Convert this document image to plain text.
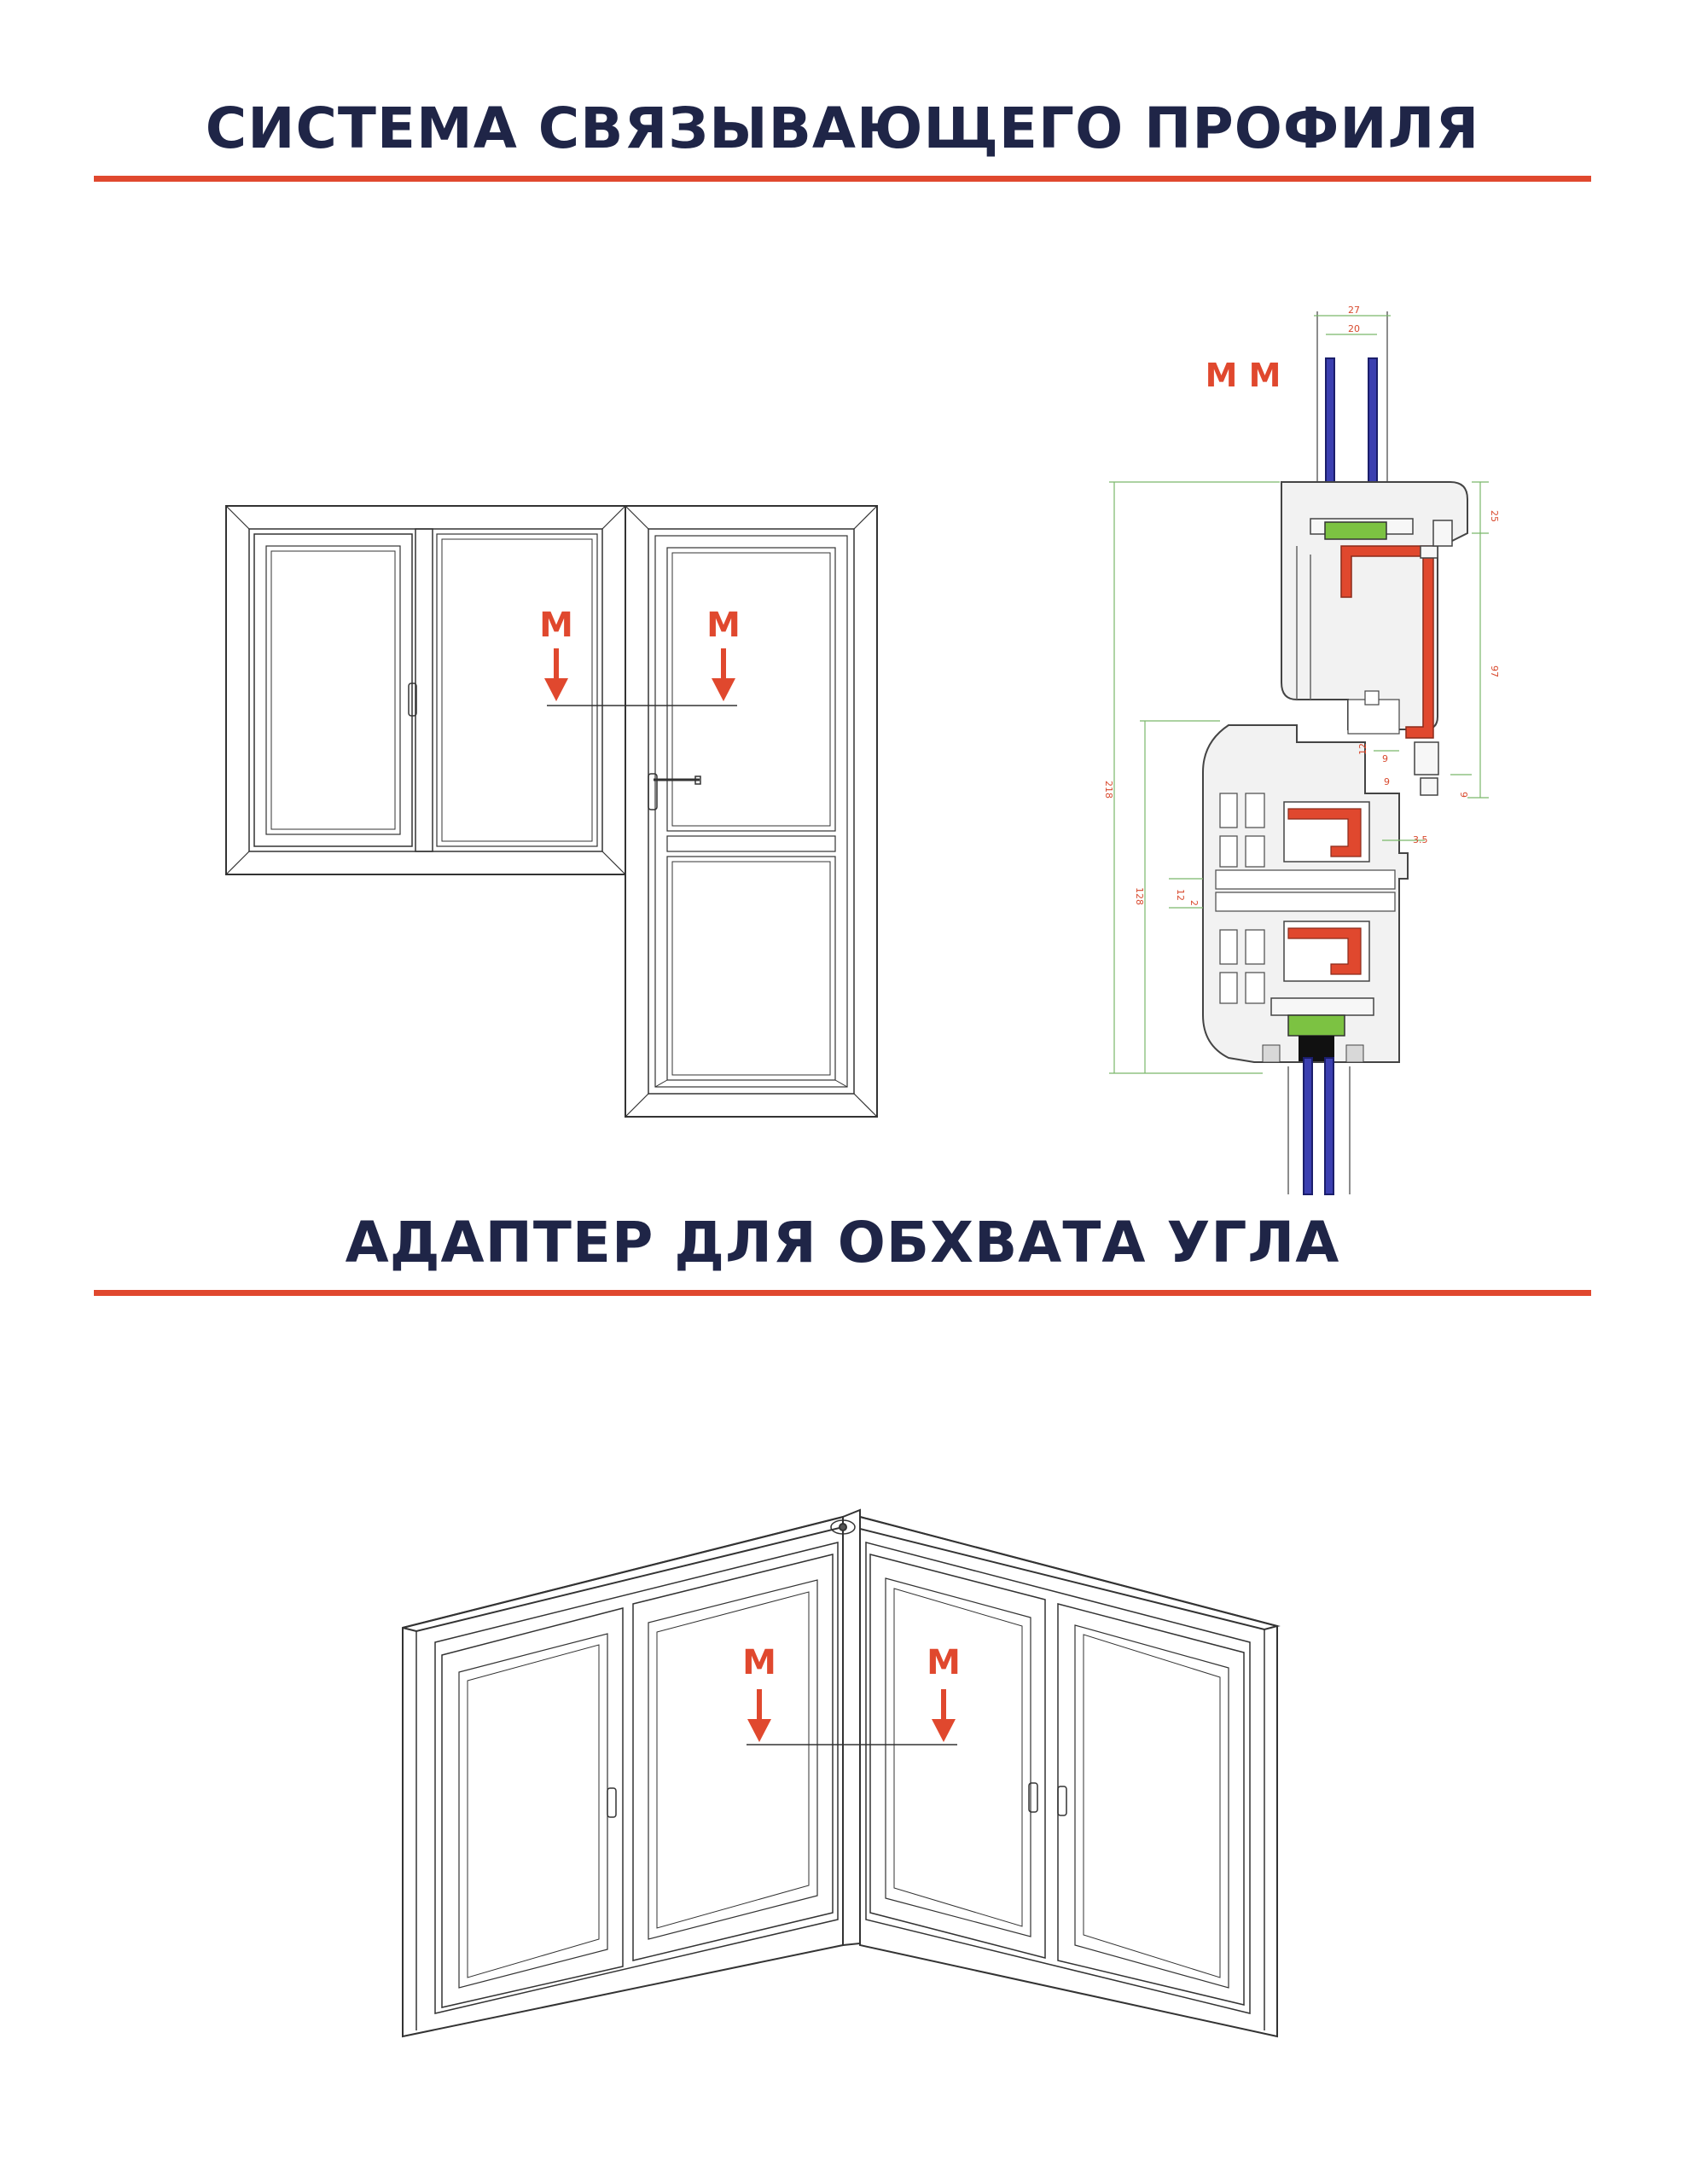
СИСТЕМА СВЯЗЫВАЮЩЕГО ПРОФИЛЯ
АДАПТЕР ДЛЯ ОБХВАТА УГЛА
М	М
М М
27
20
25
97
218
12
9
9
9
3.5
128	12
2
М	М
